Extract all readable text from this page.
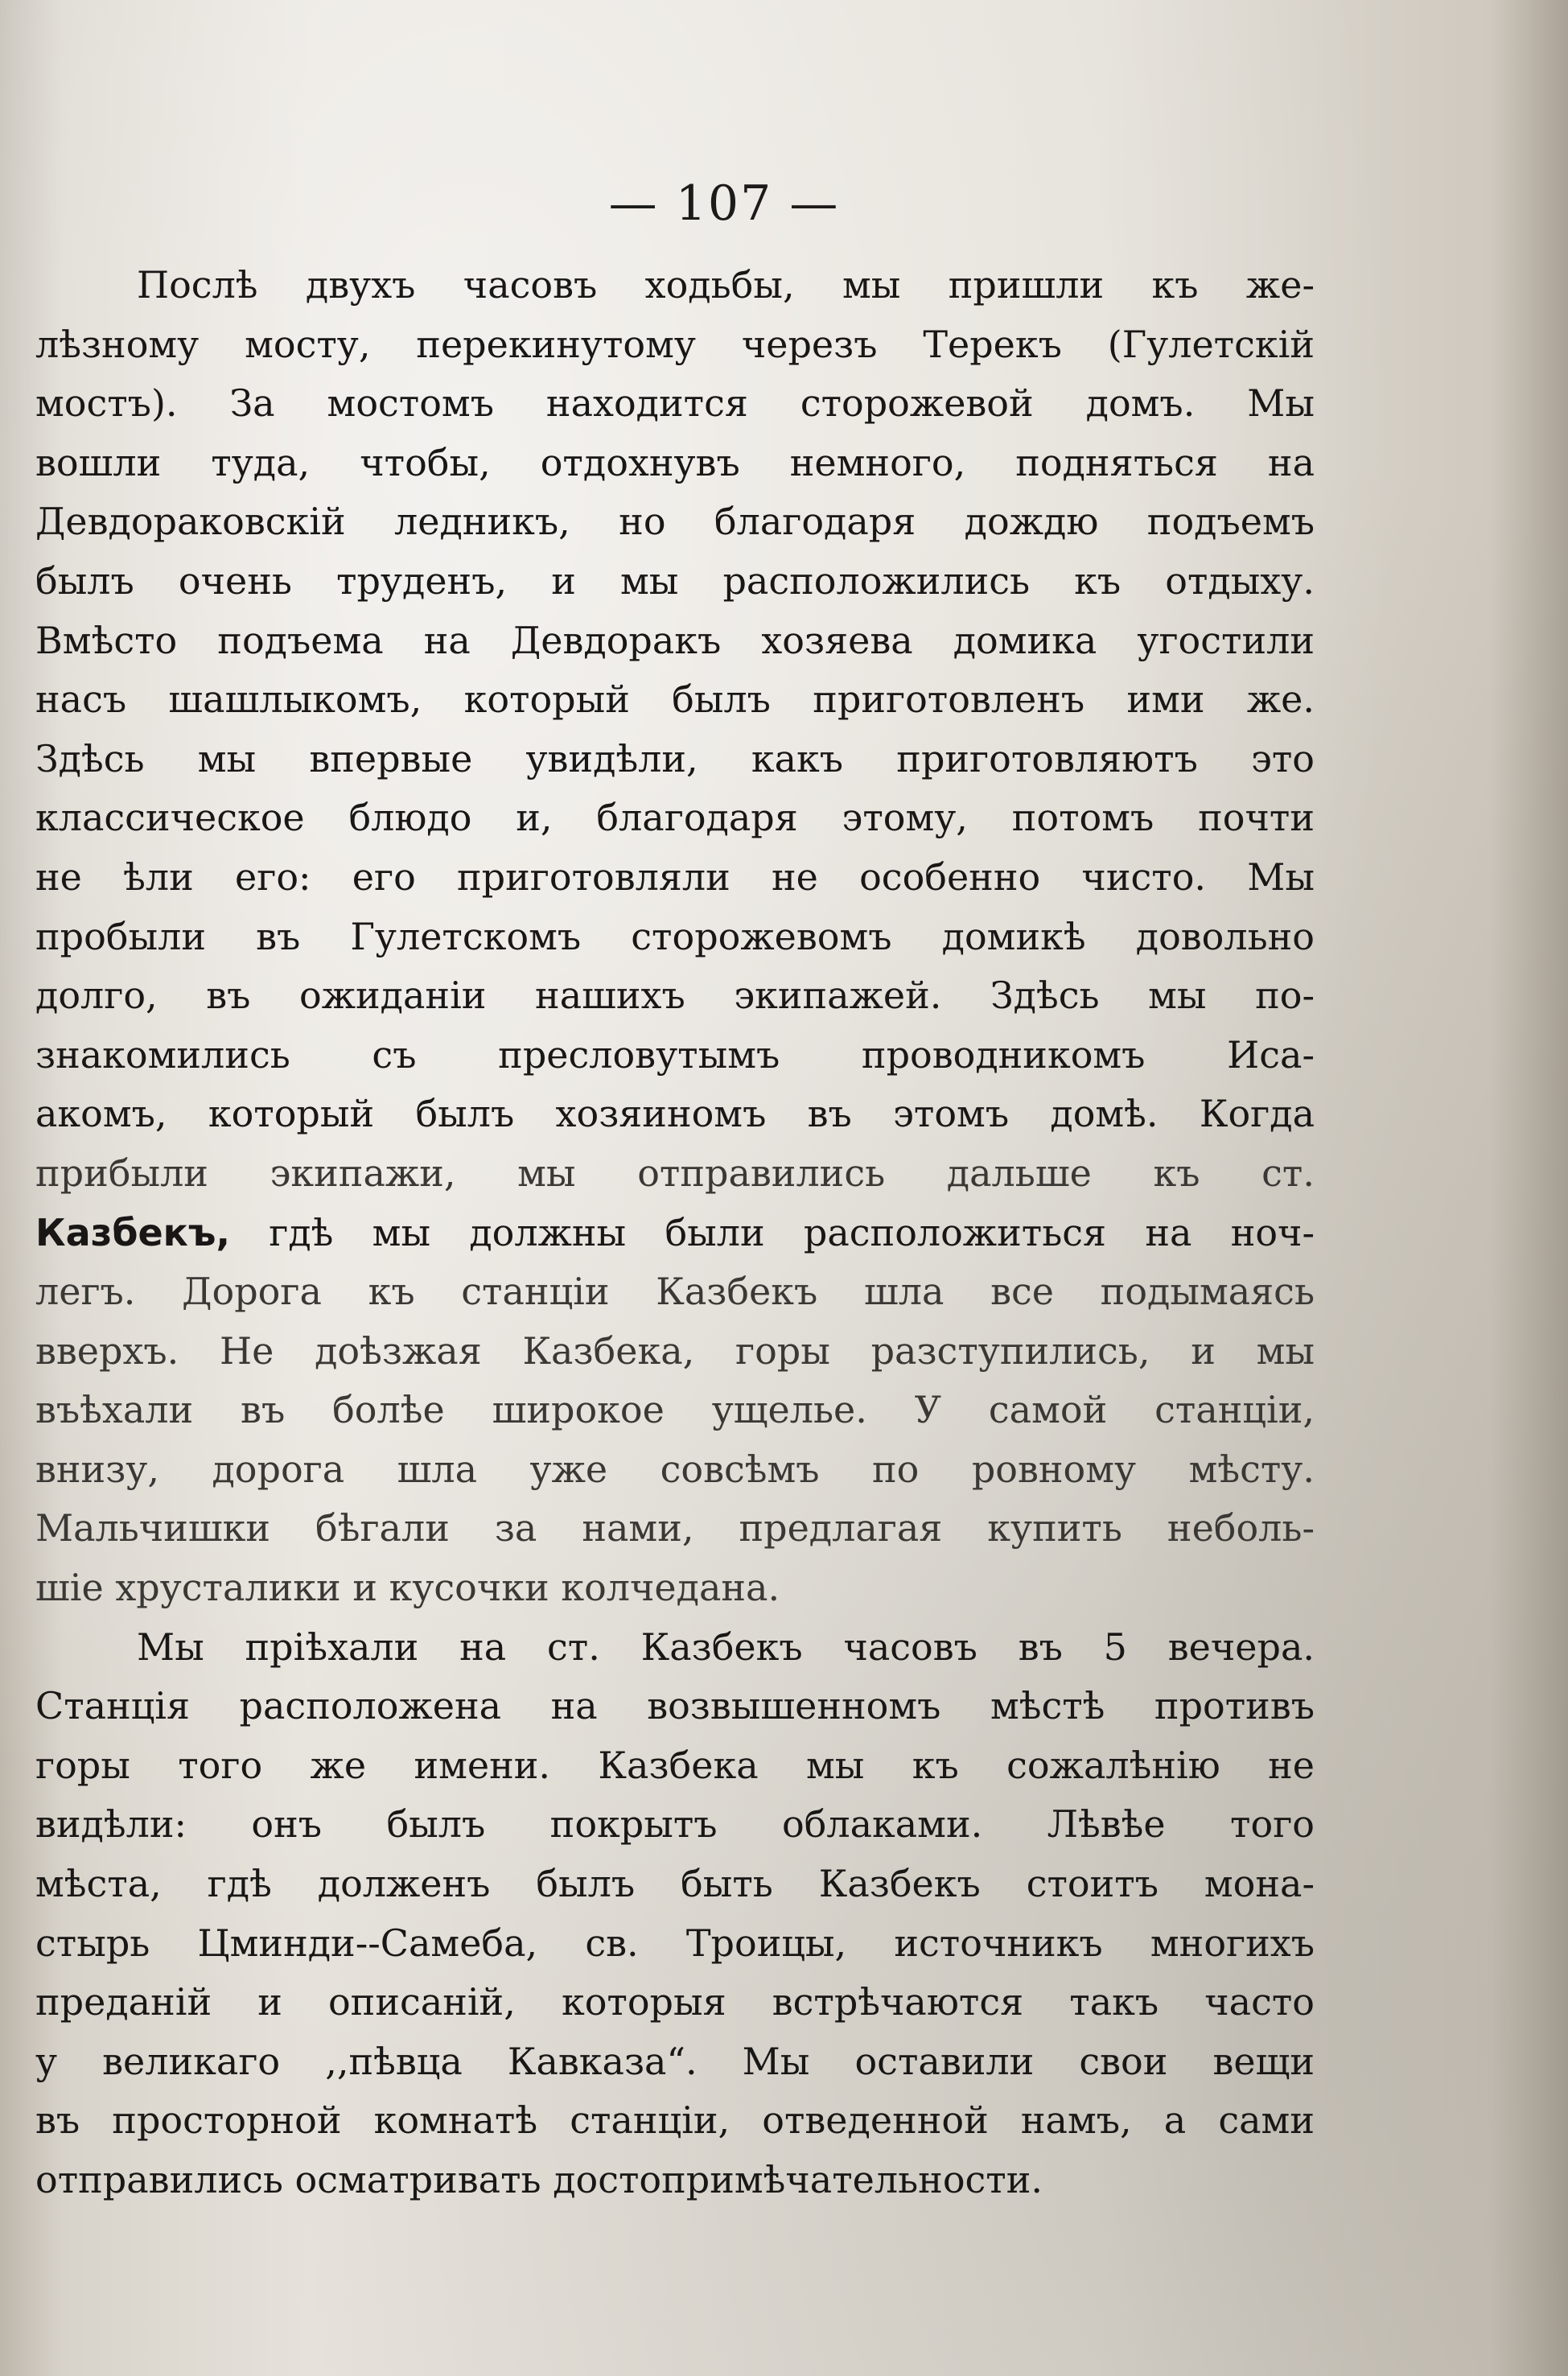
— 107 —
Послѣ двухъ часовъ ходьбы, мы пришли къ же-
лѣзному мосту, перекинутому черезъ Терекъ (Гулетскій
мостъ). За мостомъ находится сторожевой домъ. Мы
вошли туда, чтобы, отдохнувъ немного, подняться на
Девдораковскій ледникъ, но благодаря дождю подъемъ
былъ очень труденъ, и мы расположились къ отдыху.
Вмѣсто подъема на Девдоракъ хозяева домика угостили
насъ шашлыкомъ, который былъ приготовленъ ими же.
Здѣсь мы впервые увидѣли, какъ приготовляютъ это
классическое блюдо и, благодаря этому, потомъ почти
не ѣли его: его приготовляли не особенно чисто. Мы
пробыли въ Гулетскомъ сторожевомъ домикѣ довольно
долго, въ ожиданіи нашихъ экипажей. Здѣсь мы по-
знакомились съ пресловутымъ проводникомъ Иса-
акомъ, который былъ хозяиномъ въ этомъ домѣ. Когда
прибыли экипажи, мы отправились дальше къ ст.
Казбекъ, гдѣ мы должны были расположиться на ноч-
легъ. Дорога къ станціи Казбекъ шла все подымаясь
вверхъ. Не доѣзжая Казбека, горы разступились, и мы
въѣхали въ болѣе широкое ущелье. У самой станціи,
внизу, дорога шла уже совсѣмъ по ровному мѣсту.
Мальчишки бѣгали за нами, предлагая купить неболь-
шіе хрусталики и кусочки колчедана.
Мы пріѣхали на ст. Казбекъ часовъ въ 5 вечера.
Станція расположена на возвышенномъ мѣстѣ противъ
горы того же имени. Казбека мы къ сожалѣнію не
видѣли: онъ былъ покрытъ облаками. Лѣвѣе того
мѣста, гдѣ долженъ былъ быть Казбекъ стоитъ мона-
стырь Цминди--Самеба, св. Троицы, источникъ многихъ
преданій и описаній, которыя встрѣчаются такъ часто
у великаго ,,пѣвца Кавказа“. Мы оставили свои вещи
въ просторной комнатѣ станціи, отведенной намъ, а сами
отправились осматривать достопримѣчательности.
